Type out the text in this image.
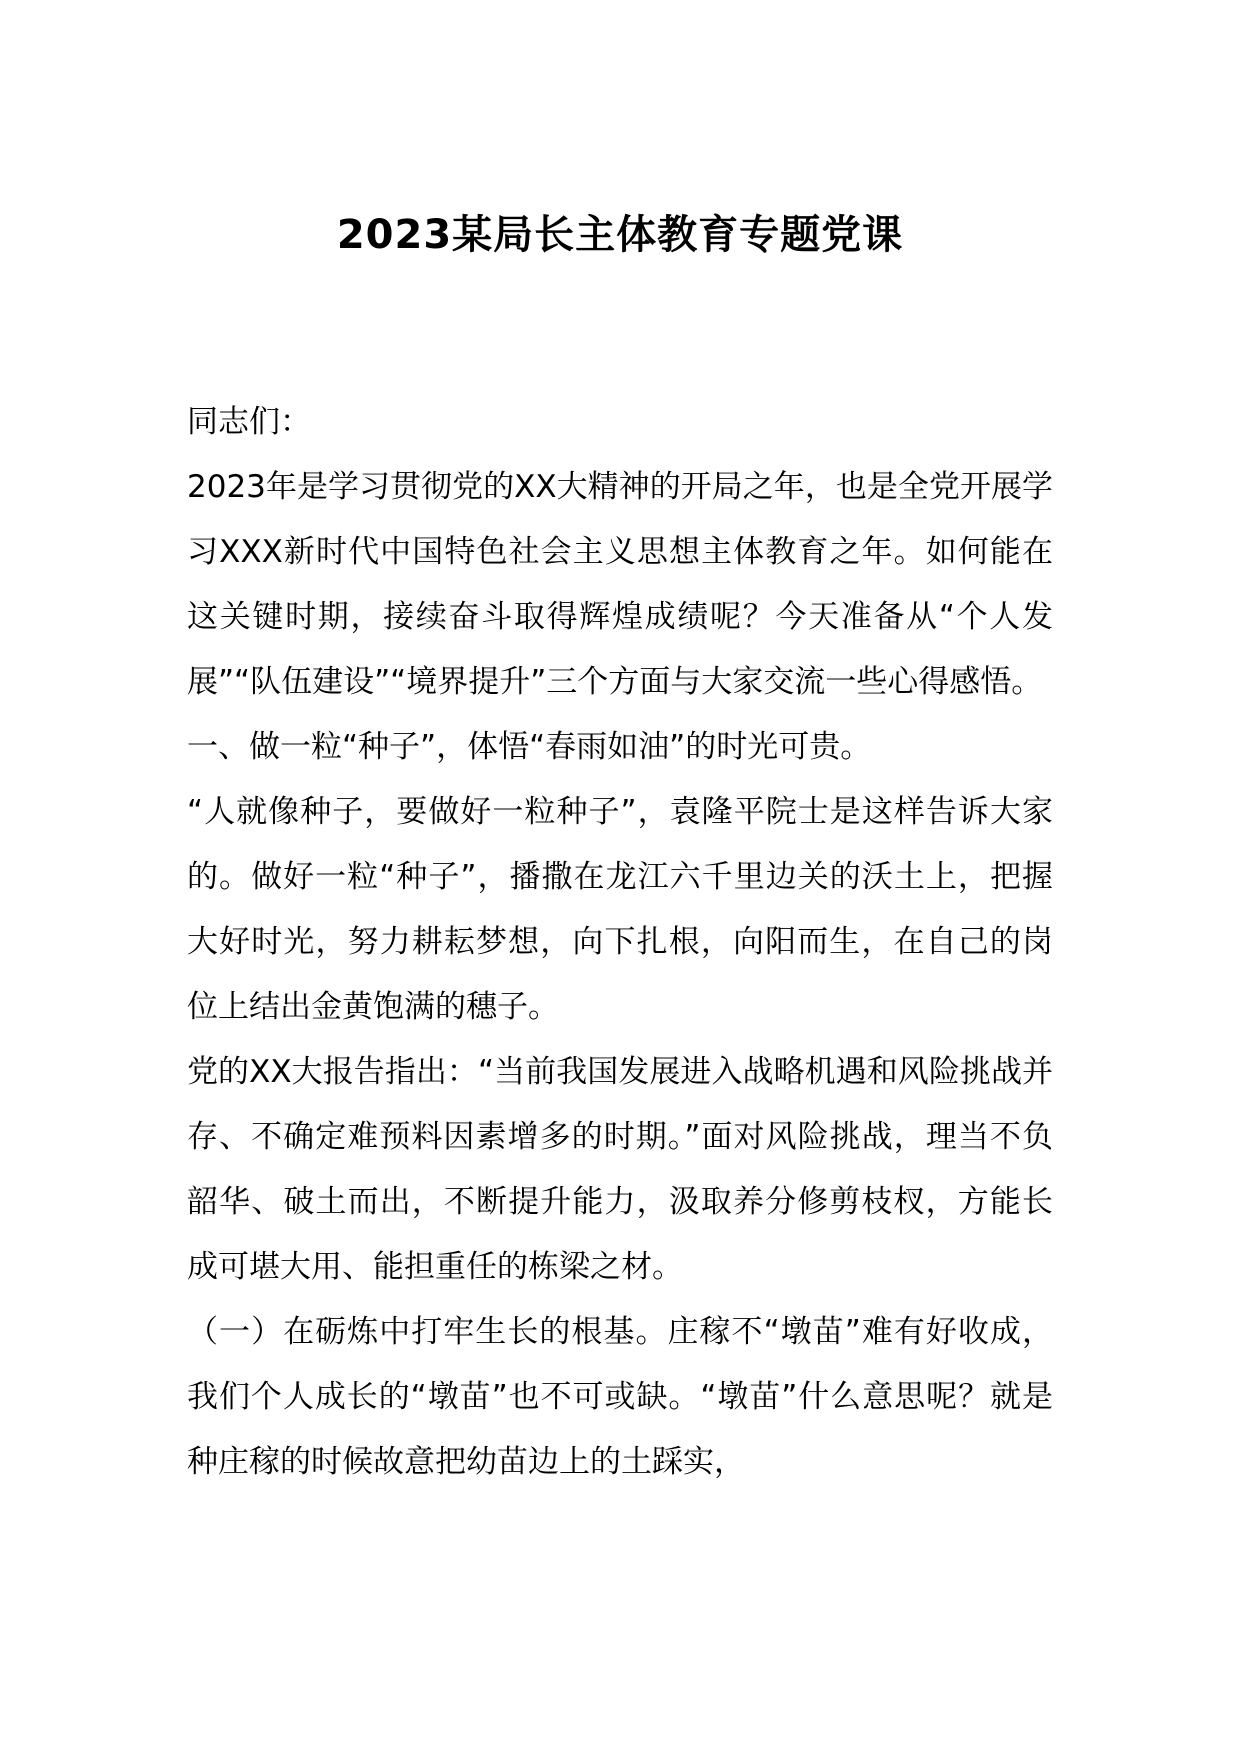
2023某局长主体教育专题党课

同志们：

2023年是学习贯彻党的XX大精神的开局之年，也是全党开展学习XXX新时代中国特色社会主义思想主体教育之年。如何能在这关键时期，接续奋斗取得辉煌成绩呢？今天准备从“个人发展”“队伍建设”“境界提升”三个方面与大家交流一些心得感悟。

一、做一粒“种子”，体悟“春雨如油”的时光可贵。

“人就像种子，要做好一粒种子”，袁隆平院士是这样告诉大家的。做好一粒“种子”，播撒在龙江六千里边关的沃土上，把握大好时光，努力耕耘梦想，向下扎根，向阳而生，在自己的岗位上结出金黄饱满的穗子。

党的XX大报告指出：“当前我国发展进入战略机遇和风险挑战并存、不确定难预料因素增多的时期。”面对风险挑战，理当不负韶华、破土而出，不断提升能力，汲取养分修剪枝杈，方能长成可堪大用、能担重任的栋梁之材。

（一）在砺炼中打牢生长的根基。庄稼不“墩苗”难有好收成，我们个人成长的“墩苗”也不可或缺。“墩苗”什么意思呢？就是种庄稼的时候故意把幼苗边上的土踩实，
